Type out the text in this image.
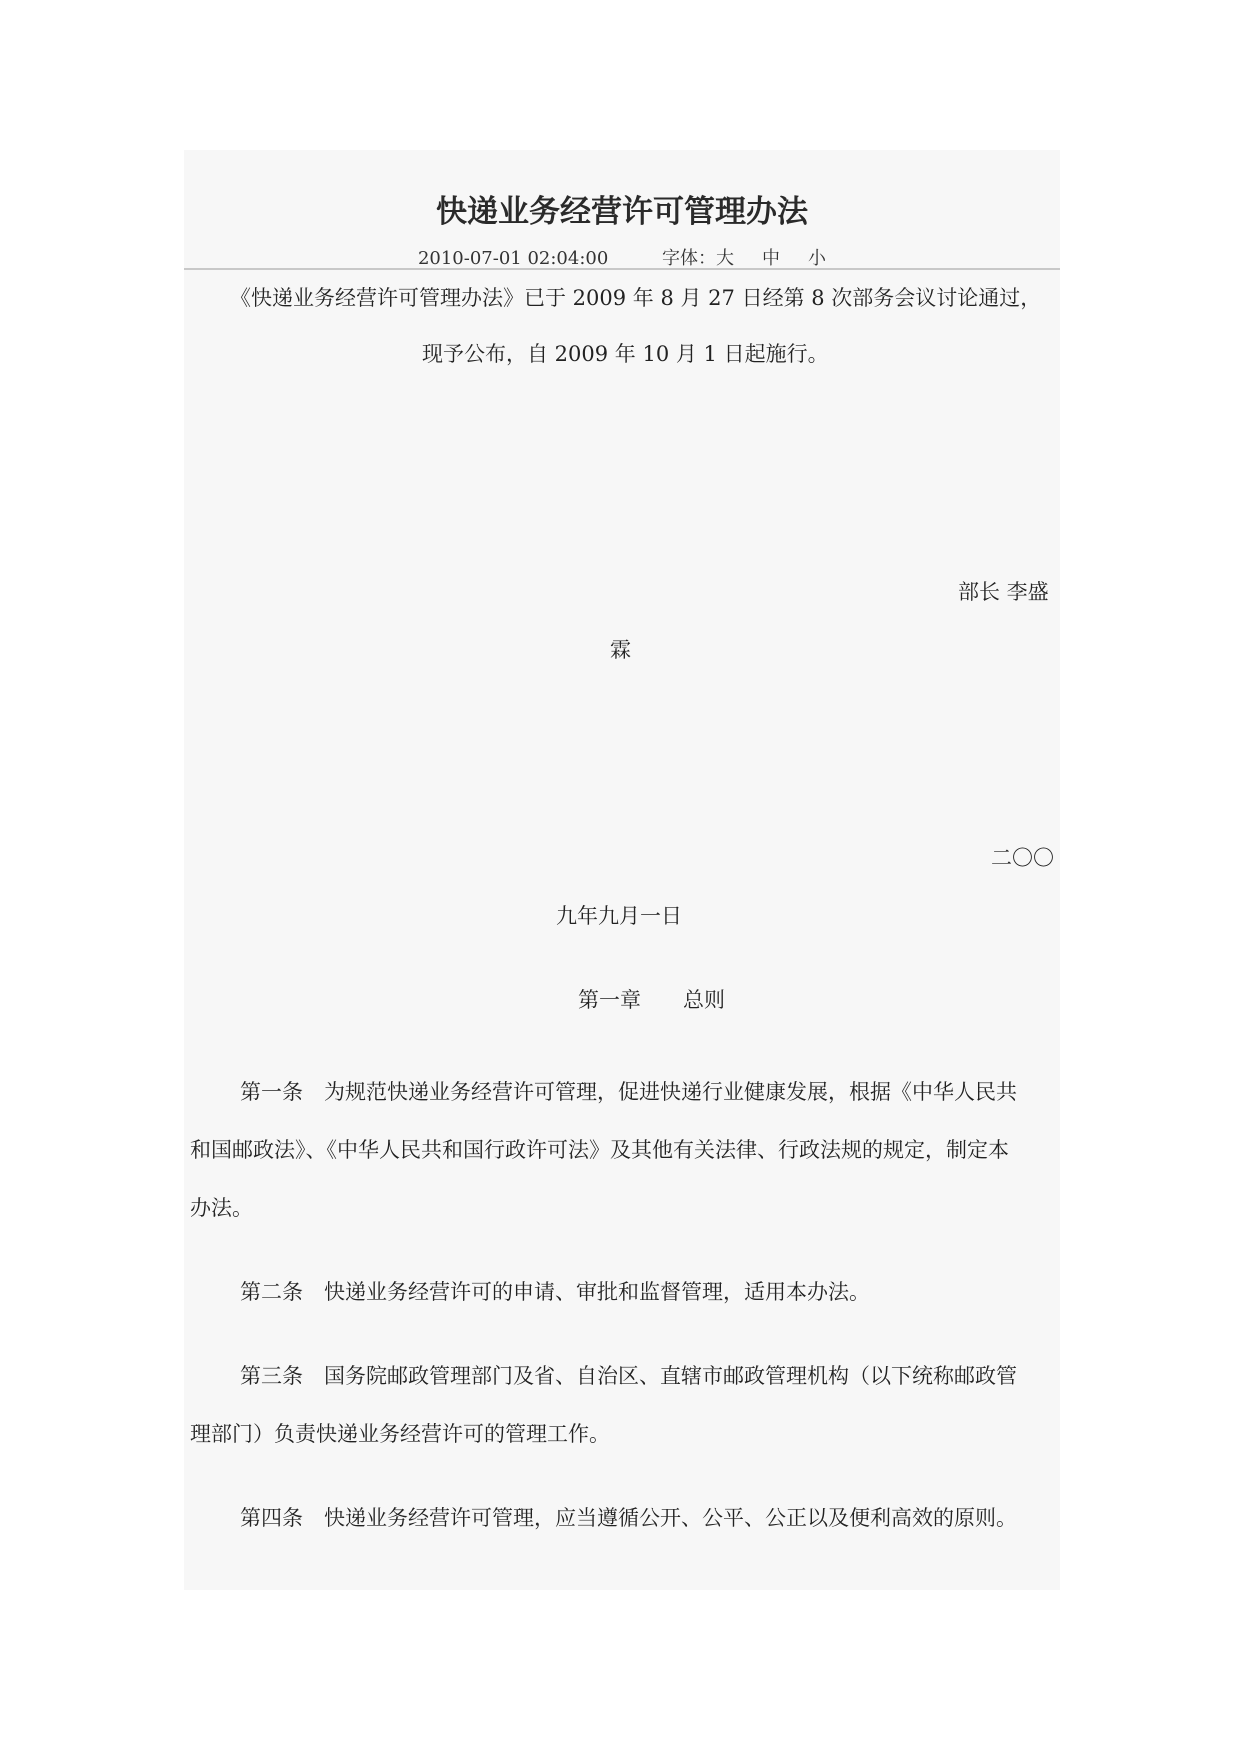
快递业务经营许可管理办法
2010-07-01 02:04:00	字体：大 中 小
《快递业务经营许可管理办法》已于 2009 年 8 月 27 日经第 8 次部务会议讨论通过，
现予公布，自 2009 年 10 月 1 日起施行。
部长 李盛
霖
二〇〇
九年九月一日
第一章　　总则
第一条　为规范快递业务经营许可管理，促进快递行业健康发展，根据《中华人民共
和国邮政法》、《中华人民共和国行政许可法》及其他有关法律、行政法规的规定，制定本
办法。
第二条　快递业务经营许可的申请、审批和监督管理，适用本办法。
第三条　国务院邮政管理部门及省、自治区、直辖市邮政管理机构（以下统称邮政管
理部门）负责快递业务经营许可的管理工作。
第四条　快递业务经营许可管理，应当遵循公开、公平、公正以及便利高效的原则。
